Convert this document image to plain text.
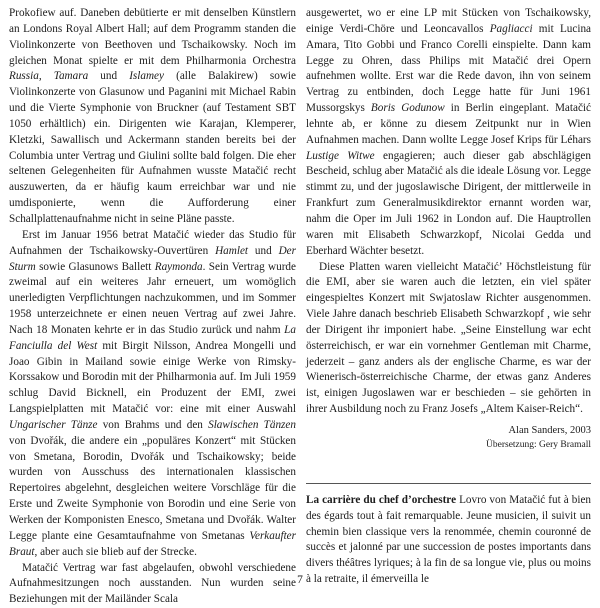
Prokofiew auf. Daneben debütierte er mit denselben Künstlern an Londons Royal Albert Hall; auf dem Programm standen die Violinkonzerte von Beethoven und Tschaikowsky. Noch im gleichen Monat spielte er mit dem Philharmonia Orchestra Russia, Tamara und Islamey (alle Balakirew) sowie Violinkonzerte von Glasunow und Paganini mit Michael Rabin und die Vierte Symphonie von Bruckner (auf Testament SBT 1050 erhältlich) ein. Dirigenten wie Karajan, Klemperer, Kletzki, Sawallisch und Ackermann standen bereits bei der Columbia unter Vertrag und Giulini sollte bald folgen. Die eher seltenen Gelegenheiten für Aufnahmen wusste Matačić recht auszuwerten, da er häufig kaum erreichbar war und nie umdisponierte, wenn die Aufforderung einer Schallplattenaufnahme nicht in seine Pläne passte.

Erst im Januar 1956 betrat Matačić wieder das Studio für Aufnahmen der Tschaikowsky-Ouvertüren Hamlet und Der Sturm sowie Glasunows Ballett Raymonda. Sein Vertrag wurde zweimal auf ein weiteres Jahr erneuert, um womöglich unerledigten Verpflichtungen nachzukommen, und im Sommer 1958 unterzeichnete er einen neuen Vertrag auf zwei Jahre. Nach 18 Monaten kehrte er in das Studio zurück und nahm La Fanciulla del West mit Birgit Nilsson, Andrea Mongelli und Joao Gibin in Mailand sowie einige Werke von Rimsky-Korssakow und Borodin mit der Philharmonia auf. Im Juli 1959 schlug David Bicknell, ein Produzent der EMI, zwei Langspielplatten mit Matačić vor: eine mit einer Auswahl Ungarischer Tänze von Brahms und den Slawischen Tänzen von Dvořák, die andere ein „populäres Konzert“ mit Stücken von Smetana, Borodin, Dvořák und Tschaikowsky; beide wurden von Ausschuss des internationalen klassischen Repertoires abgelehnt, desgleichen weitere Vorschläge für die Erste und Zweite Symphonie von Borodin und eine Serie von Werken der Komponisten Enesco, Smetana und Dvořák. Walter Legge plante eine Gesamtaufnahme von Smetanas Verkaufter Braut, aber auch sie blieb auf der Strecke.

Matačić Vertrag war fast abgelaufen, obwohl verschiedene Aufnahmesitzungen noch ausstanden. Nun wurden seine Beziehungen mit der Mailänder Scala

ausgewertet, wo er eine LP mit Stücken von Tschaikowsky, einige Verdi-Chöre und Leoncavallos Pagliacci mit Lucina Amara, Tito Gobbi und Franco Corelli einspielte. Dann kam Legge zu Ohren, dass Philips mit Matačić drei Opern aufnehmen wollte. Erst war die Rede davon, ihn von seinem Vertrag zu entbinden, doch Legge hatte für Juni 1961 Mussorgskys Boris Godunow in Berlin eingeplant. Matačić lehnte ab, er könne zu diesem Zeitpunkt nur in Wien Aufnahmen machen. Dann wollte Legge Josef Krips für Léhars Lustige Witwe engagieren; auch dieser gab abschlägigen Bescheid, schlug aber Matačić als die ideale Lösung vor. Legge stimmt zu, und der jugoslawische Dirigent, der mittlerweile in Frankfurt zum Generalmusikdirektor ernannt worden war, nahm die Oper im Juli 1962 in London auf. Die Hauptrollen waren mit Elisabeth Schwarzkopf, Nicolai Gedda und Eberhard Wächter besetzt.

Diese Platten waren vielleicht Matačić’ Höchstleistung für die EMI, aber sie waren auch die letzten, ein viel später eingespieltes Konzert mit Swjatoslaw Richter ausgenommen. Viele Jahre danach beschrieb Elisabeth Schwarzkopf , wie sehr der Dirigent ihr imponiert habe. „Seine Einstellung war echt österreichisch, er war ein vornehmer Gentleman mit Charme, jederzeit – ganz anders als der englische Charme, es war der Wienerisch-österreichische Charme, der etwas ganz Anderes ist, einigen Jugoslawen war er beschieden – sie gehörten in ihrer Ausbildung noch zu Franz Josefs „Altem Kaiser-Reich“.

Alan Sanders, 2003
Übersetzung: Gery Bramall

La carrière du chef d’orchestre Lovro von Matačić fut à bien des égards tout à fait remarquable. Jeune musicien, il suivit un chemin bien classique vers la renommée, chemin couronné de succès et jalonné par une succession de postes importants dans divers théâtres lyriques; à la fin de sa longue vie, plus ou moins à la retraite, il émerveilla le

7
